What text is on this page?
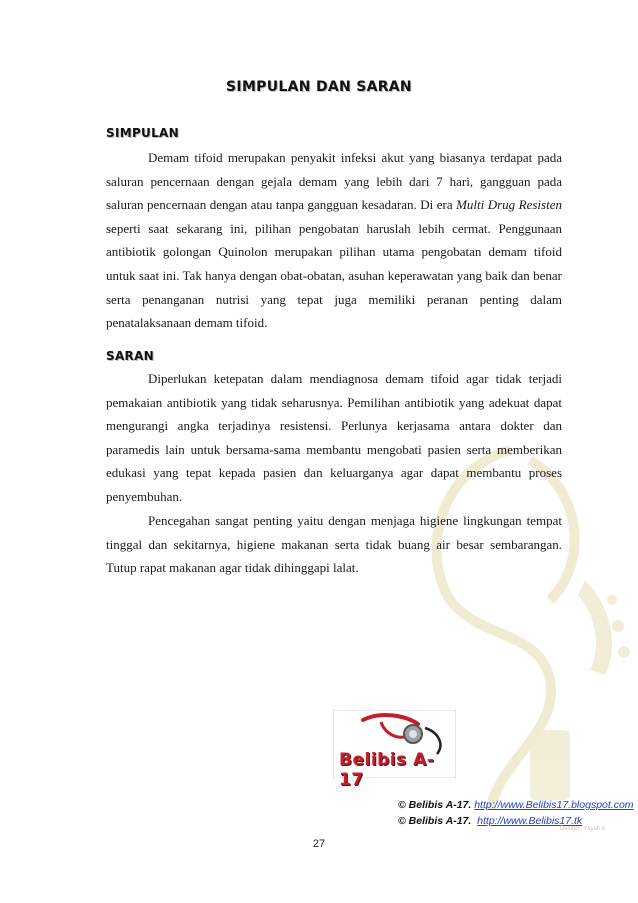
SIMPULAN DAN SARAN
SIMPULAN

Demam tifoid merupakan penyakit infeksi akut yang biasanya terdapat pada saluran pencernaan dengan gejala demam yang lebih dari 7 hari, gangguan pada saluran pencernaan dengan atau tanpa gangguan kesadaran. Di era Multi Drug Resisten seperti saat sekarang ini, pilihan pengobatan haruslah lebih cermat. Penggunaan antibiotik golongan Quinolon merupakan pilihan utama pengobatan demam tifoid untuk saat ini. Tak hanya dengan obat-obatan, asuhan keperawatan yang baik dan benar serta penanganan nutrisi yang tepat juga memiliki peranan penting dalam penatalaksanaan demam tifoid.

SARAN

Diperlukan ketepatan dalam mendiagnosa demam tifoid agar tidak terjadi pemakaian antibiotik yang tidak seharusnya. Pemilihan antibiotik yang adekuat dapat mengurangi angka terjadinya resistensi. Perlunya kerjasama antara dokter dan paramedis lain untuk bersama-sama membantu mengobati pasien serta memberikan edukasi yang tepat kepada pasien dan keluarganya agar dapat membantu proses penyembuhan.

Pencegahan sangat penting yaitu dengan menjaga higiene lingkungan tempat tinggal dan sekitarnya, higiene makanan serta tidak buang air besar sembarangan. Tutup rapat makanan agar tidak dihinggapi lalat.

Belibis A-17
© Belibis A-17. http://www.Belibis17.blogspot.com
© Belibis A-17. http://www.Belibis17.tk
Design : Yayah A
27
